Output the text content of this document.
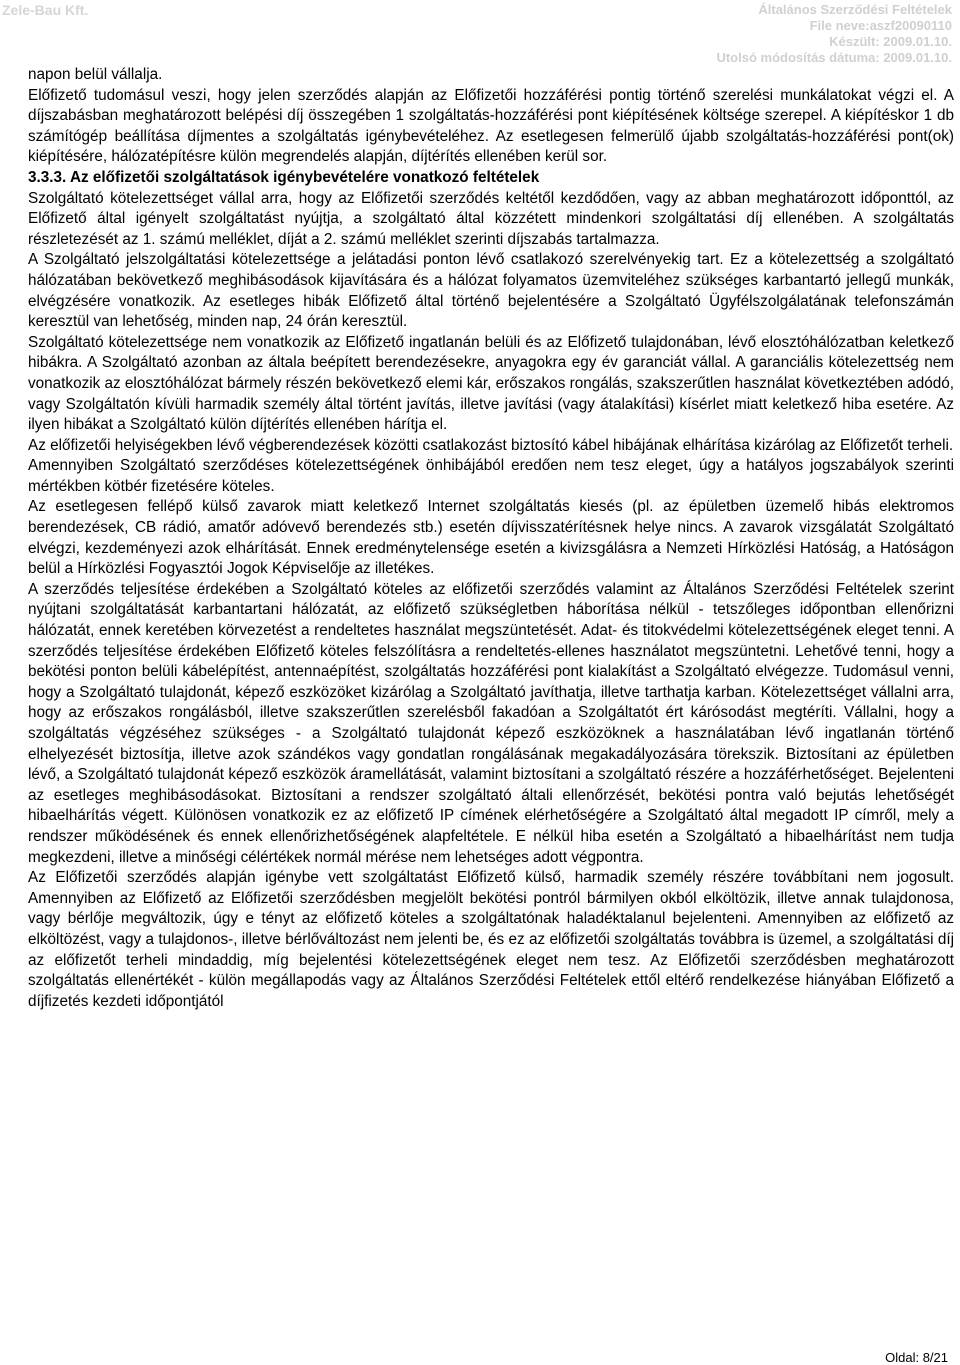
Zele-Bau Kft.	Általános Szerződési Feltételek
File neve:aszf20090110
Készült: 2009.01.10.
Utolsó módosítás dátuma: 2009.01.10.

napon belül vállalja.

Előfizető tudomásul veszi, hogy jelen szerződés alapján az Előfizetői hozzáférési pontig történő szerelési munkálatokat végzi el. A díjszabásban meghatározott belépési díj összegében 1 szolgáltatás-hozzáférési pont kiépítésének költsége szerepel. A kiépítéskor 1 db számítógép beállítása díjmentes a szolgáltatás igénybevételéhez. Az esetlegesen felmerülő újabb szolgáltatás-hozzáférési pont(ok) kiépítésére, hálózatépítésre külön megrendelés alapján, díjtérítés ellenében kerül sor.

3.3.3. Az előfizetői szolgáltatások igénybevételére vonatkozó feltételek

Szolgáltató kötelezettséget vállal arra, hogy az Előfizetői szerződés keltétől kezdődően, vagy az abban meghatározott időponttól, az Előfizető által igényelt szolgáltatást nyújtja, a szolgáltató által közzétett mindenkori szolgáltatási díj ellenében. A szolgáltatás részletezését az 1. számú melléklet, díját a 2. számú melléklet szerinti díjszabás tartalmazza.

A Szolgáltató jelszolgáltatási kötelezettsége a jelátadási ponton lévő csatlakozó szerelvényekig tart. Ez a kötelezettség a szolgáltató hálózatában bekövetkező meghibásodások kijavítására és a hálózat folyamatos üzemviteléhez szükséges karbantartó jellegű munkák, elvégzésére vonatkozik. Az esetleges hibák Előfizető által történő bejelentésére a Szolgáltató Ügyfélszolgálatának telefonszámán keresztül van lehetőség, minden nap, 24 órán keresztül.

Szolgáltató kötelezettsége nem vonatkozik az Előfizető ingatlanán belüli és az Előfizető tulajdonában, lévő elosztóhálózatban keletkező hibákra. A Szolgáltató azonban az általa beépített berendezésekre, anyagokra egy év garanciát vállal. A garanciális kötelezettség nem vonatkozik az elosztóhálózat bármely részén bekövetkező elemi kár, erőszakos rongálás, szakszerűtlen használat következtében adódó, vagy Szolgáltatón kívüli harmadik személy által történt javítás, illetve javítási (vagy átalakítási) kísérlet miatt keletkező hiba esetére. Az ilyen hibákat a Szolgáltató külön díjtérítés ellenében hárítja el.

Az előfizetői helyiségekben lévő végberendezések közötti csatlakozást biztosító kábel hibájának elhárítása kizárólag az Előfizetőt terheli.

Amennyiben Szolgáltató szerződéses kötelezettségének önhibájából eredően nem tesz eleget, úgy a hatályos jogszabályok szerinti mértékben kötbér fizetésére köteles.

Az esetlegesen fellépő külső zavarok miatt keletkező Internet szolgáltatás kiesés (pl. az épületben üzemelő hibás elektromos berendezések, CB rádió, amatőr adóvevő berendezés stb.) esetén díjvisszatérítésnek helye nincs. A zavarok vizsgálatát Szolgáltató elvégzi, kezdeményezi azok elhárítását. Ennek eredménytelensége esetén a kivizsgálásra a Nemzeti Hírközlési Hatóság, a Hatóságon belül a Hírközlési Fogyasztói Jogok Képviselője az illetékes.

A szerződés teljesítése érdekében a Szolgáltató köteles az előfizetői szerződés valamint az Általános Szerződési Feltételek szerint nyújtani szolgáltatását karbantartani hálózatát, az előfizető szükségletben háborítása nélkül - tetszőleges időpontban ellenőrizni hálózatát, ennek keretében körvezetést a rendeltetes használat megszüntetését. Adat- és titokvédelmi kötelezettségének eleget tenni. A szerződés teljesítése érdekében Előfizető köteles felszólításra a rendeltetés-ellenes használatot megszüntetni. Lehetővé tenni, hogy a bekötési ponton belüli kábelépítést, antennaépítést, szolgáltatás hozzáférési pont kialakítást a Szolgáltató elvégezze. Tudomásul venni, hogy a Szolgáltató tulajdonát, képező eszközöket kizárólag a Szolgáltató javíthatja, illetve tarthatja karban. Kötelezettséget vállalni arra, hogy az erőszakos rongálásból, illetve szakszerűtlen szerelésből fakadóan a Szolgáltatót ért kárósodást megtéríti. Vállalni, hogy a szolgáltatás végzéséhez szükséges - a Szolgáltató tulajdonát képező eszközöknek a használatában lévő ingatlanán történő elhelyezését biztosítja, illetve azok szándékos vagy gondatlan rongálásának megakadályozására törekszik. Biztosítani az épületben lévő, a Szolgáltató tulajdonát képező eszközök áramellátását, valamint biztosítani a szolgáltató részére a hozzáférhetőséget. Bejelenteni az esetleges meghibásodásokat. Biztosítani a rendszer szolgáltató általi ellenőrzését, bekötési pontra való bejutás lehetőségét hibaelhárítás végett. Különösen vonatkozik ez az előfizető IP címének elérhetőségére a Szolgáltató által megadott IP címről, mely a rendszer működésének és ennek ellenőrizhetőségének alapfeltétele. E nélkül hiba esetén a Szolgáltató a hibaelhárítást nem tudja megkezdeni, illetve a minőségi célértékek normál mérése nem lehetséges adott végpontra.

Az Előfizetői szerződés alapján igénybe vett szolgáltatást Előfizető külső, harmadik személy részére továbbítani nem jogosult. Amennyiben az Előfizető az Előfizetői szerződésben megjelölt bekötési pontról bármilyen okból elköltözik, illetve annak tulajdonosa, vagy bérlője megváltozik, úgy e tényt az előfizető köteles a szolgáltatónak haladéktalanul bejelenteni. Amennyiben az előfizető az elköltözést, vagy a tulajdonos-, illetve bérlőváltozást nem jelenti be, és ez az előfizetői szolgáltatás továbbra is üzemel, a szolgáltatási díj az előfizetőt terheli mindaddig, míg bejelentési kötelezettségének eleget nem tesz. Az Előfizetői szerződésben meghatározott szolgáltatás ellenértékét - külön megállapodás vagy az Általános Szerződési Feltételek ettől eltérő rendelkezése hiányában Előfizető a díjfizetés kezdeti időpontjától

Oldal: 8/21
